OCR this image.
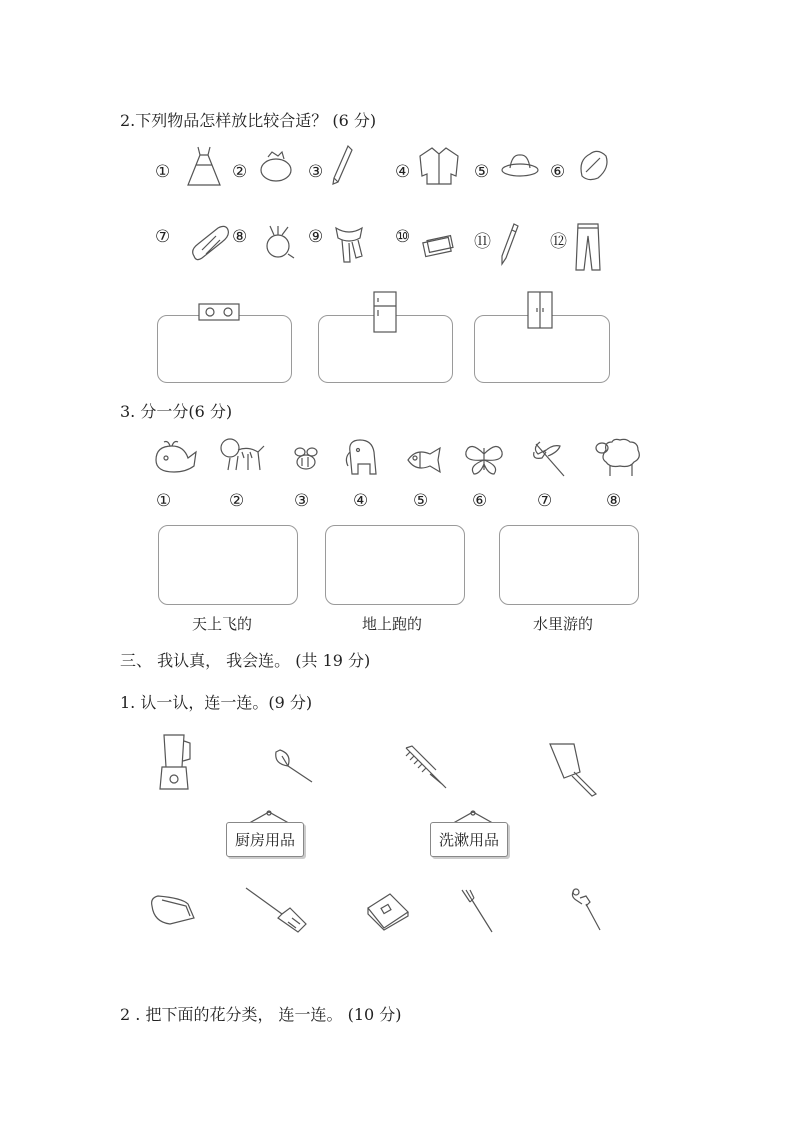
2.下列物品怎样放比较合适？ (6 分)
①	②	③	④	⑤	⑥
⑦	⑧	⑨	⑩	⑪	⑫
3. 分一分(6 分)
①	②	③	④	⑤	⑥	⑦	⑧
天上飞的	地上跑的	水里游的
三、 我认真， 我会连。 (共 19 分)
1. 认一认，连一连。(9 分)
厨房用品	洗漱用品
2 . 把下面的花分类， 连一连。 (10 分)
